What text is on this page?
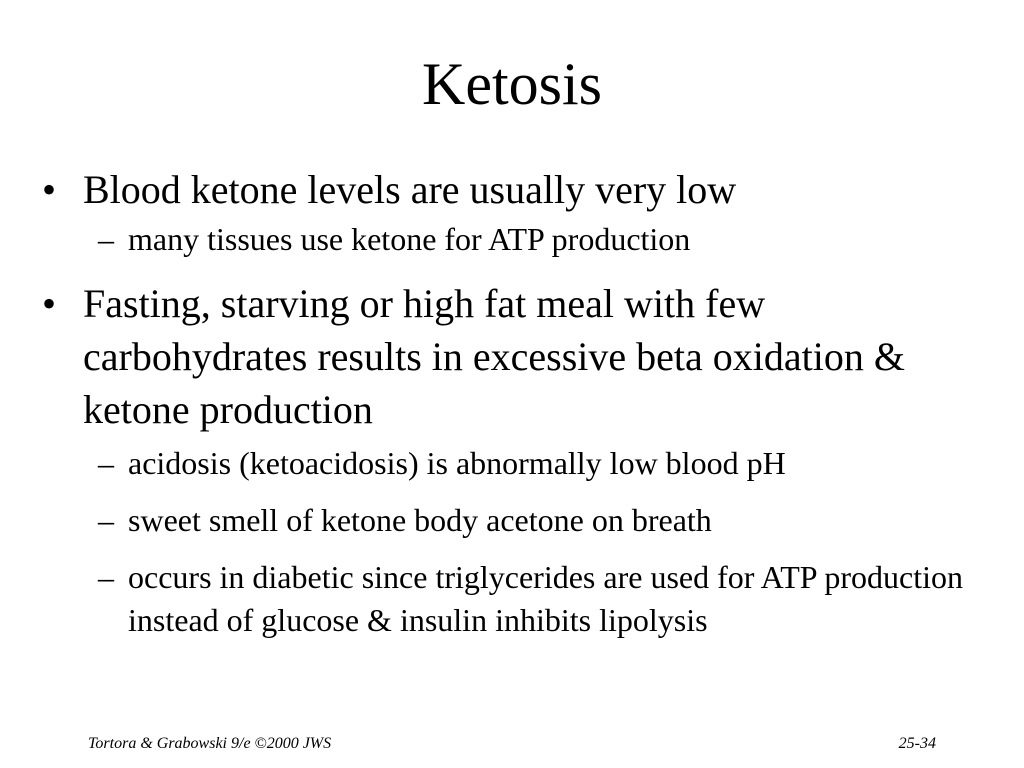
Ketosis
• Blood ketone levels are usually very low
– many tissues use ketone for ATP production
• Fasting, starving or high fat meal with few carbohydrates results in excessive beta oxidation & ketone production
– acidosis (ketoacidosis) is abnormally low blood pH
– sweet smell of ketone body acetone on breath
– occurs in diabetic since triglycerides are used for ATP production instead of glucose & insulin inhibits lipolysis
Tortora & Grabowski 9/e ©2000 JWS	25-34
